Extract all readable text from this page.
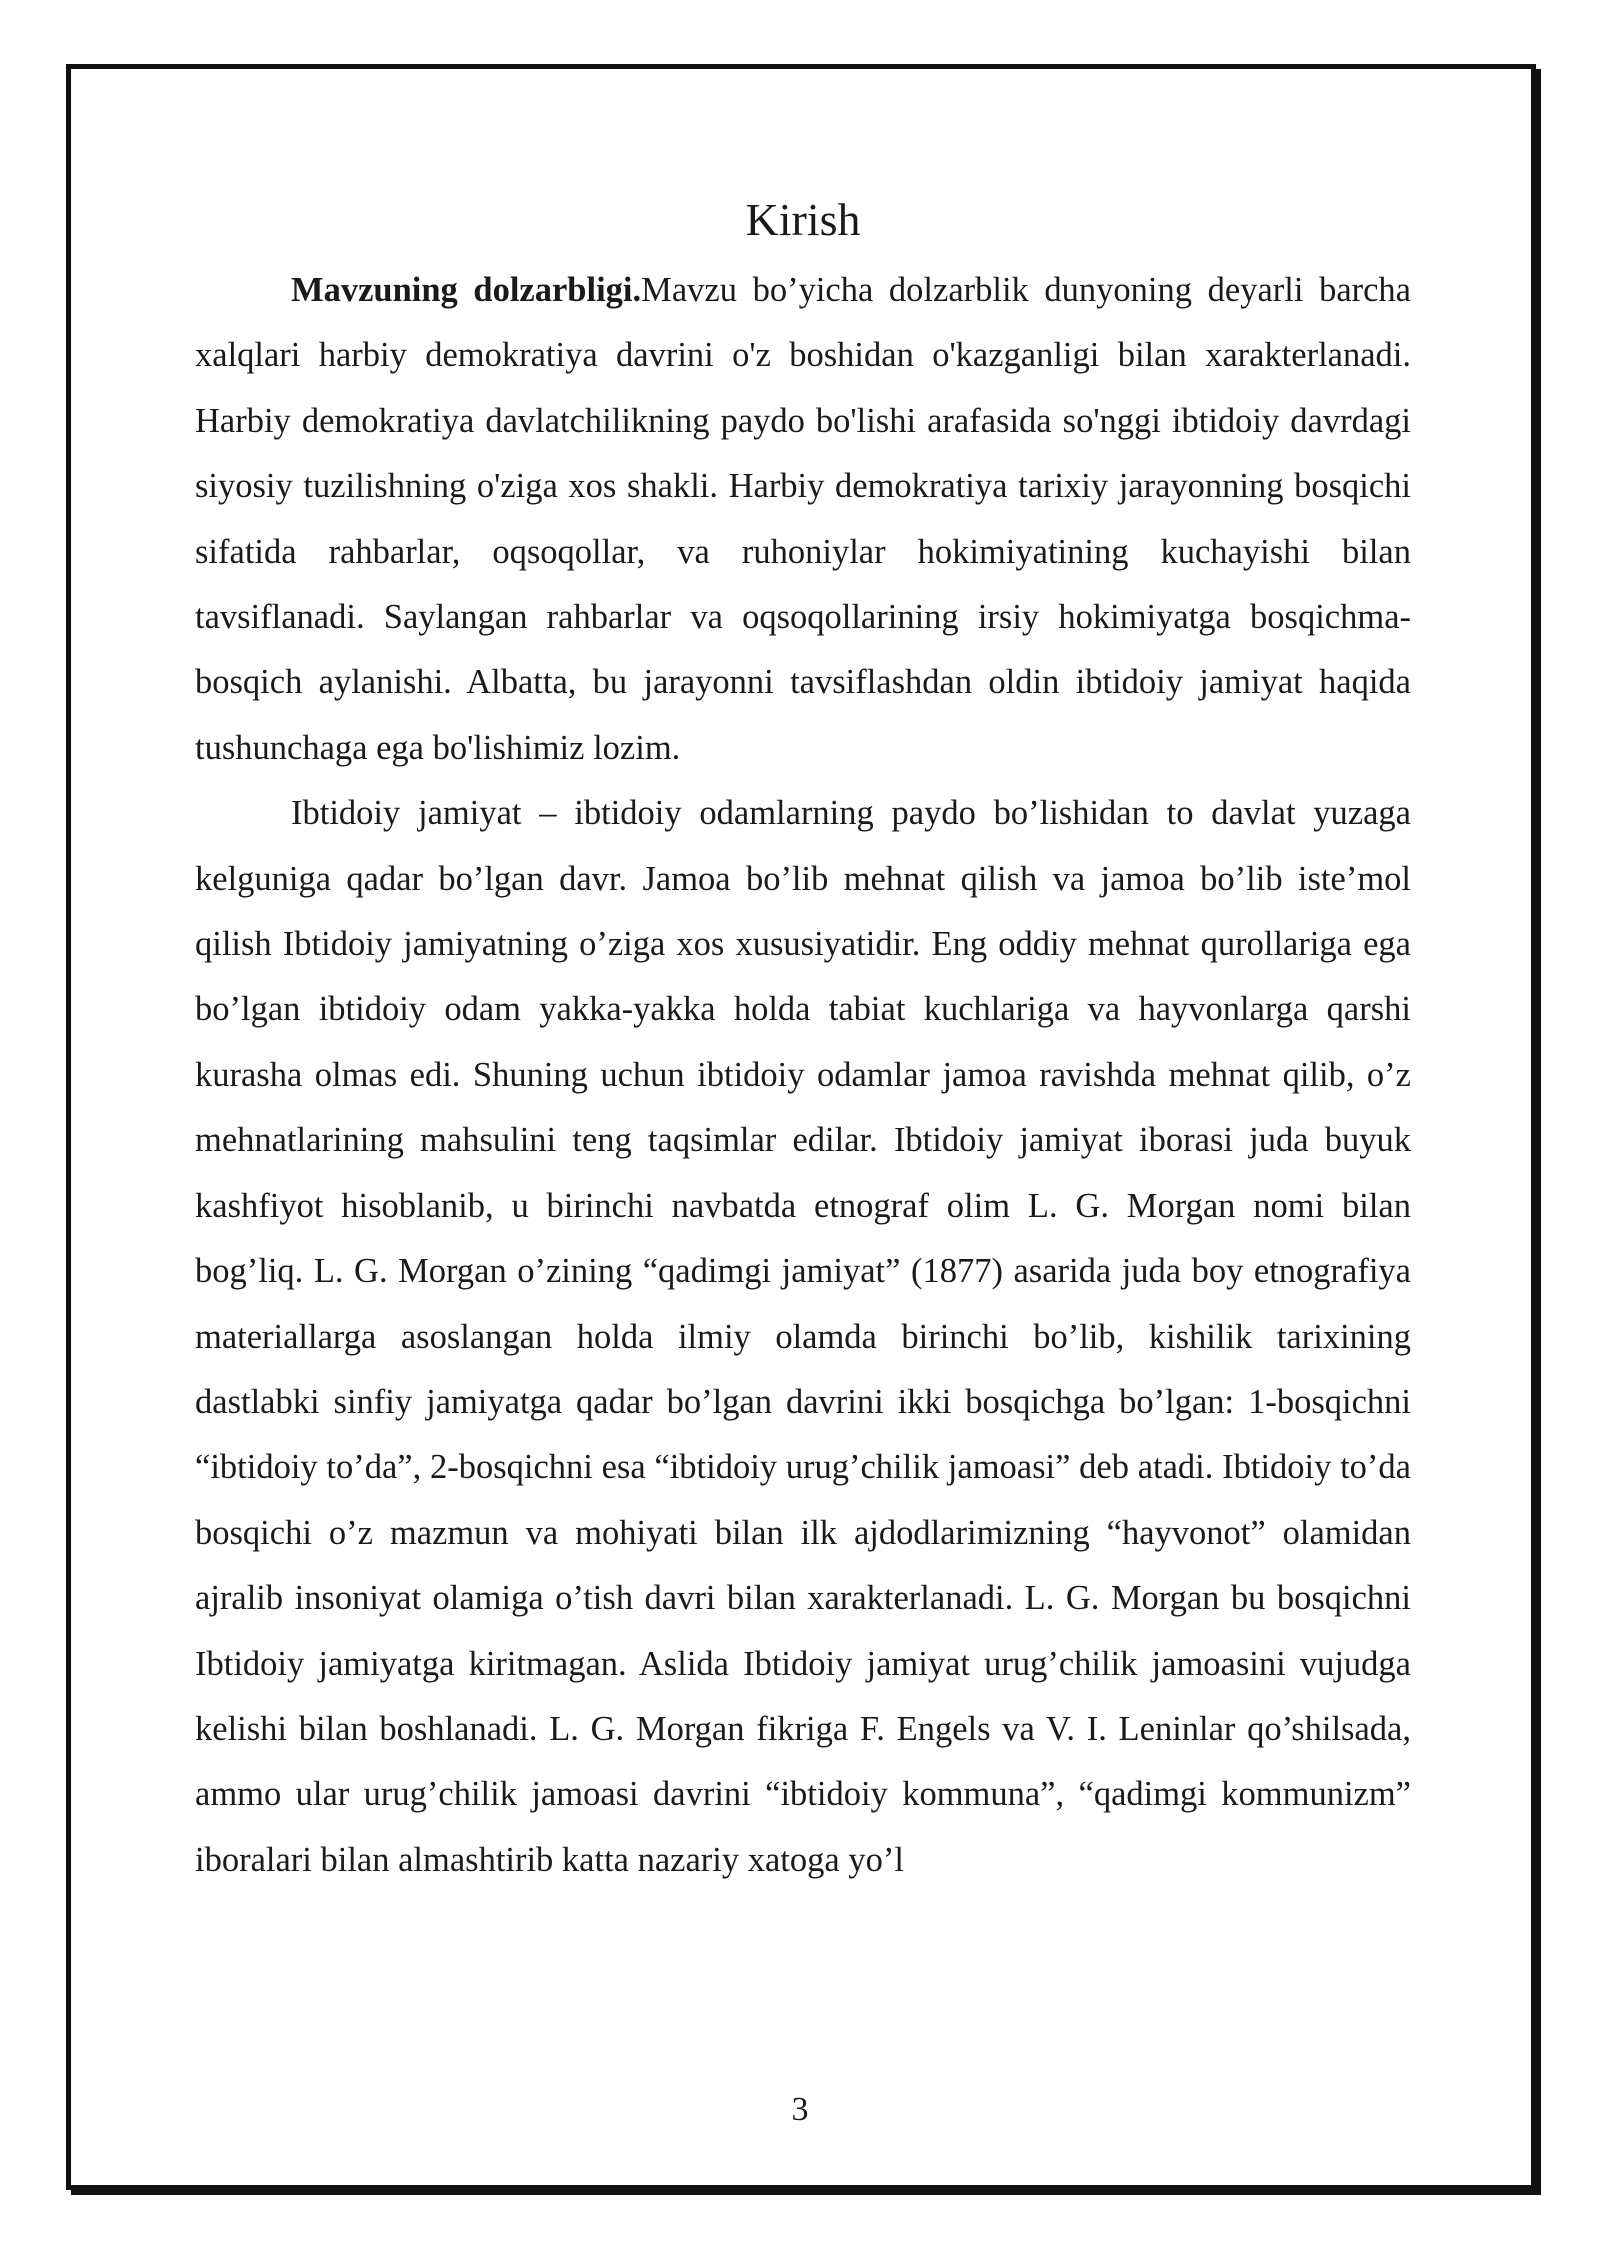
Kirish

Mavzuning dolzarbligi.Mavzu bo’yicha dolzarblik dunyoning deyarli barcha xalqlari harbiy demokratiya davrini o'z boshidan o'kazganligi bilan xarakterlanadi. Harbiy demokratiya davlatchilikning paydo bo'lishi arafasida so'nggi ibtidoiy davrdagi siyosiy tuzilishning o'ziga xos shakli. Harbiy demokratiya tarixiy jarayonning bosqichi sifatida rahbarlar, oqsoqollar, va ruhoniylar hokimiyatining kuchayishi bilan tavsiflanadi. Saylangan rahbarlar va oqsoqollarining irsiy hokimiyatga bosqichma- bosqich aylanishi. Albatta, bu jarayonni tavsiflashdan oldin ibtidoiy jamiyat haqida tushunchaga ega bo'lishimiz lozim.

Ibtidoiy jamiyat – ibtidoiy odamlarning paydo bo’lishidan to davlat yuzaga kelguniga qadar bo’lgan davr. Jamoa bo’lib mehnat qilish va jamoa bo’lib iste’mol qilish Ibtidoiy jamiyatning o’ziga xos xususiyatidir. Eng oddiy mehnat qurollariga ega bo’lgan ibtidoiy odam yakka-yakka holda tabiat kuchlariga va hayvonlarga qarshi kurasha olmas edi. Shuning uchun ibtidoiy odamlar jamoa ravishda mehnat qilib, o’z mehnatlarining mahsulini teng taqsimlar edilar. Ibtidoiy jamiyat iborasi juda buyuk kashfiyot hisoblanib, u birinchi navbatda etnograf olim L. G. Morgan nomi bilan bog’liq. L. G. Morgan o’zining “qadimgi jamiyat” (1877) asarida juda boy etnografiya materiallarga asoslangan holda ilmiy olamda birinchi bo’lib, kishilik tarixining dastlabki sinfiy jamiyatga qadar bo’lgan davrini ikki bosqichga bo’lgan: 1-bosqichni “ibtidoiy to’da”, 2-bosqichni esa “ibtidoiy urug’chilik jamoasi” deb atadi. Ibtidoiy to’da bosqichi o’z mazmun va mohiyati bilan ilk ajdodlarimizning “hayvonot” olamidan ajralib insoniyat olamiga o’tish davri bilan xarakterlanadi. L. G. Morgan bu bosqichni Ibtidoiy jamiyatga kiritmagan. Aslida Ibtidoiy jamiyat urug’chilik jamoasini vujudga kelishi bilan boshlanadi. L. G. Morgan fikriga F. Engels va V. I. Leninlar qo’shilsada, ammo ular urug’chilik jamoasi davrini “ibtidoiy kommuna”, “qadimgi kommunizm” iboralari bilan almashtirib katta nazariy xatoga yo’l

3
